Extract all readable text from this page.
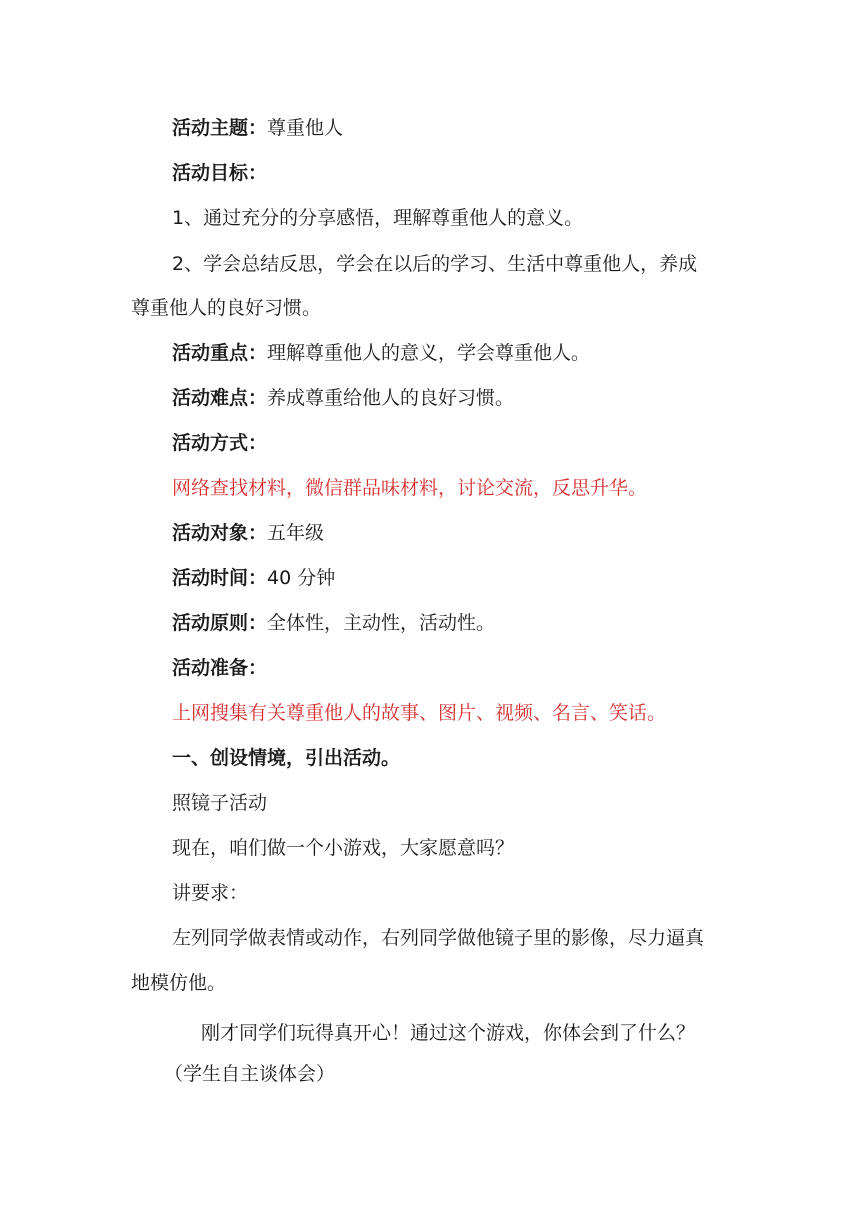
活动主题：尊重他人
活动目标：
1、通过充分的分享感悟，理解尊重他人的意义。
2、学会总结反思，学会在以后的学习、生活中尊重他人，养成
尊重他人的良好习惯。
活动重点：理解尊重他人的意义，学会尊重他人。
活动难点：养成尊重给他人的良好习惯。
活动方式：
网络查找材料，微信群品味材料，讨论交流，反思升华。
活动对象：五年级
活动时间：40 分钟
活动原则：全体性，主动性，活动性。
活动准备：
上网搜集有关尊重他人的故事、图片、视频、名言、笑话。
一、创设情境，引出活动。
照镜子活动
现在，咱们做一个小游戏，大家愿意吗？
讲要求：
左列同学做表情或动作，右列同学做他镜子里的影像，尽力逼真
地模仿他。
刚才同学们玩得真开心！通过这个游戏，你体会到了什么？
（学生自主谈体会）
